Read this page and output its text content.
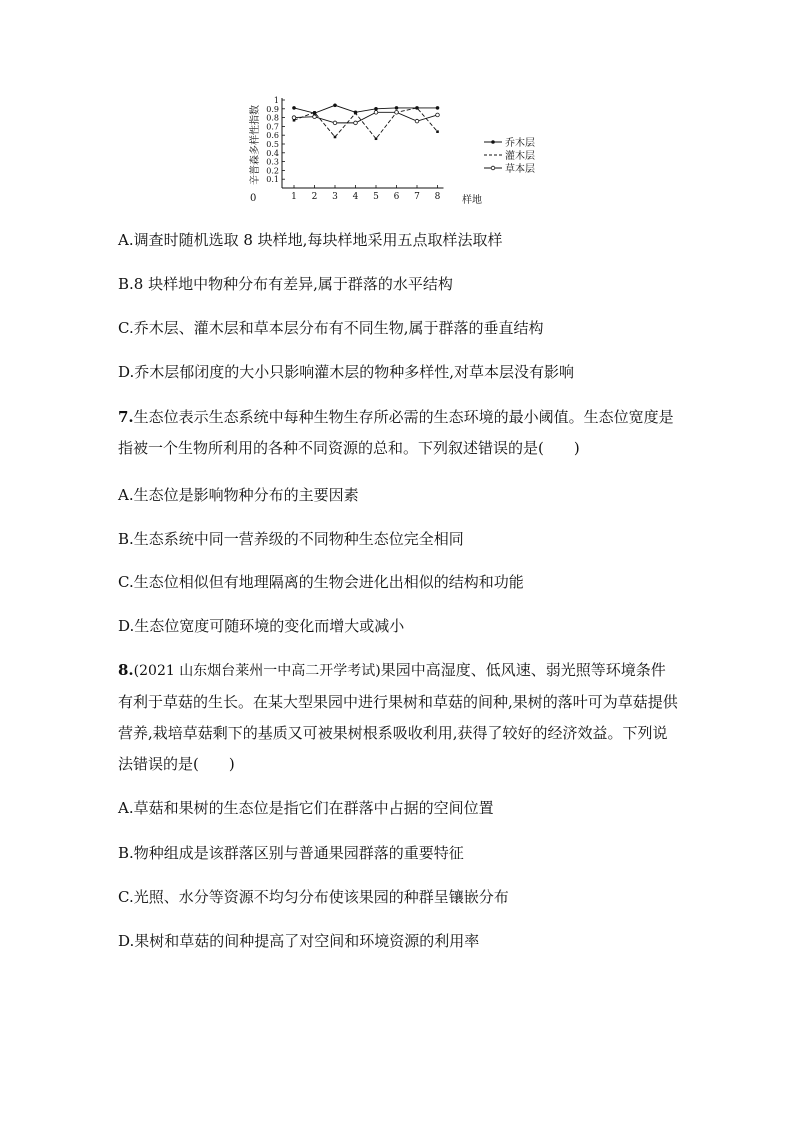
辛普森多样性指数
0	样地
1
0.9
0.8
0.7
0.6
0.5
0.4
0.3
0.2
0.1
1 2 3 4 5 6 7 8
乔木层
灌木层
草本层
A.调查时随机选取 8 块样地,每块样地采用五点取样法取样
B.8 块样地中物种分布有差异,属于群落的水平结构
C.乔木层、灌木层和草本层分布有不同生物,属于群落的垂直结构
D.乔木层郁闭度的大小只影响灌木层的物种多样性,对草本层没有影响
7.生态位表示生态系统中每种生物生存所必需的生态环境的最小阈值。生态位宽度是指被一个生物所利用的各种不同资源的总和。下列叙述错误的是(　　)
A.生态位是影响物种分布的主要因素
B.生态系统中同一营养级的不同物种生态位完全相同
C.生态位相似但有地理隔离的生物会进化出相似的结构和功能
D.生态位宽度可随环境的变化而增大或减小
8.(2021 山东烟台莱州一中高二开学考试)果园中高湿度、低风速、弱光照等环境条件有利于草菇的生长。在某大型果园中进行果树和草菇的间种,果树的落叶可为草菇提供营养,栽培草菇剩下的基质又可被果树根系吸收利用,获得了较好的经济效益。下列说法错误的是(　　)
A.草菇和果树的生态位是指它们在群落中占据的空间位置
B.物种组成是该群落区别与普通果园群落的重要特征
C.光照、水分等资源不均匀分布使该果园的种群呈镶嵌分布
D.果树和草菇的间种提高了对空间和环境资源的利用率
